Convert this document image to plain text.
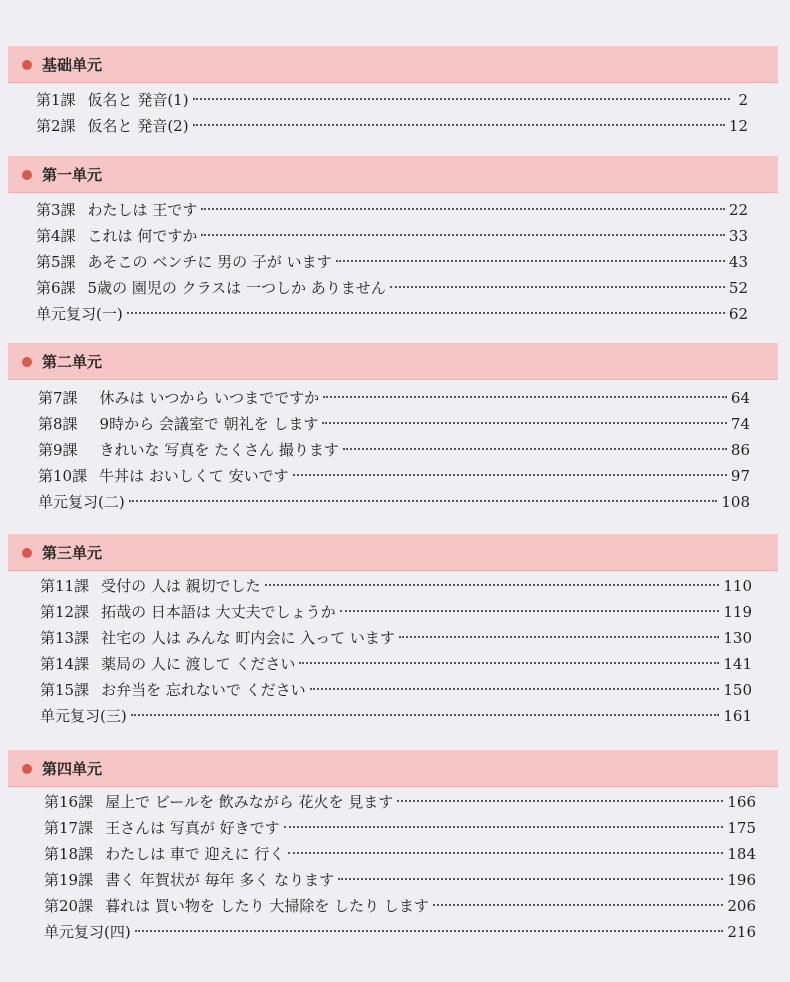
基础单元
第1課 仮名と 発音(1)	2
第2課 仮名と 発音(2)	12
第一单元
第3課 わたしは 王です	22
第4課 これは 何ですか	33
第5課 あそこの ベンチに 男の 子が います	43
第6課 5歳の 園児の クラスは 一つしか ありません	52
单元复习(一)	62
第二单元
第7課 休みは いつから いつまでですか	64
第8課 9時から 会議室で 朝礼を します	74
第9課 きれいな 写真を たくさん 撮ります	86
第10課 牛丼は おいしくて 安いです	97
单元复习(二)	108
第三单元
第11課 受付の 人は 親切でした	110
第12課 拓哉の 日本語は 大丈夫でしょうか	119
第13課 社宅の 人は みんな 町内会に 入って います	130
第14課 薬局の 人に 渡して ください	141
第15課 お弁当を 忘れないで ください	150
单元复习(三)	161
第四单元
第16課 屋上で ビールを 飲みながら 花火を 見ます	166
第17課 王さんは 写真が 好きです	175
第18課 わたしは 車で 迎えに 行く	184
第19課 書く 年賀状が 毎年 多く なります	196
第20課 暮れは 買い物を したり 大掃除を したり します	206
单元复习(四)	216
